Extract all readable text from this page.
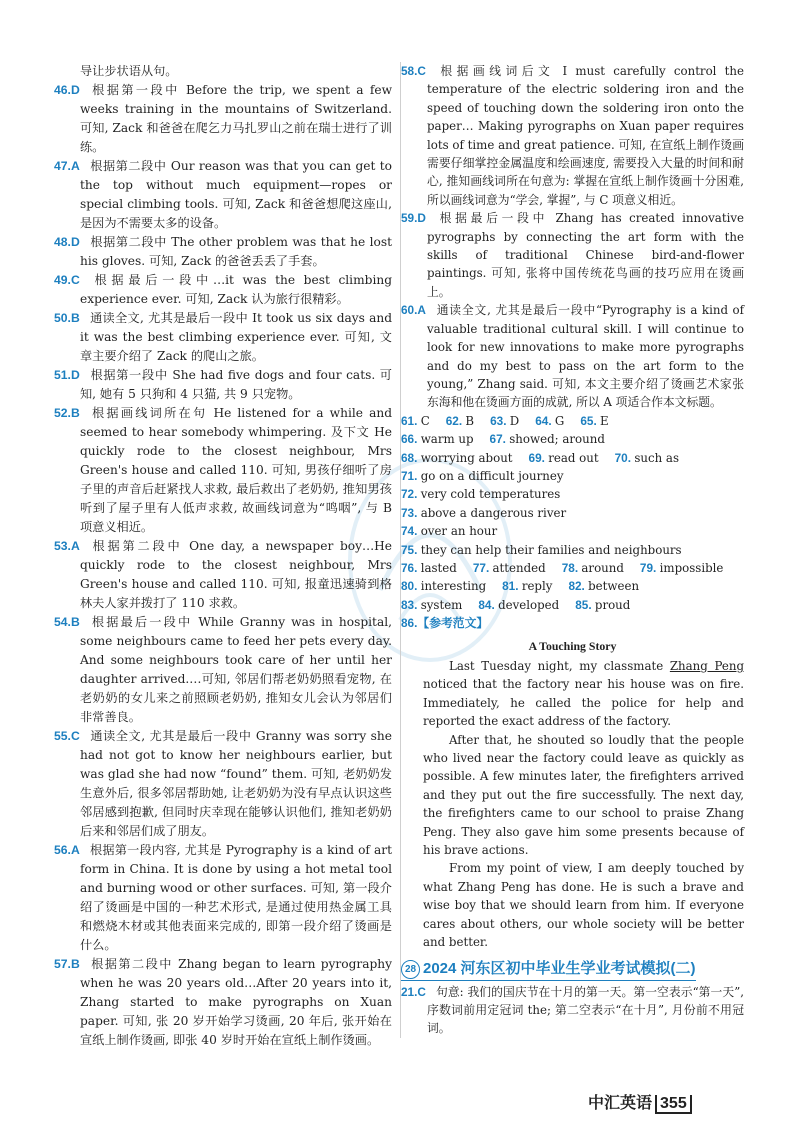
导让步状语从句。
46.D 根据第一段中 Before the trip, we spent a few weeks training in the mountains of Switzerland. 可知, Zack 和爸爸在爬乞力马扎罗山之前在瑞士进行了训练。
47.A 根据第二段中 Our reason was that you can get to the top without much equipment—ropes or special climbing tools. 可知, Zack 和爸爸想爬这座山, 是因为不需要太多的设备。
48.D 根据第二段中 The other problem was that he lost his gloves. 可知, Zack 的爸爸丢丢了手套。
49.C 根据最后一段中…it was the best climbing experience ever. 可知, Zack 认为旅行很精彩。
50.B 通读全文, 尤其是最后一段中 It took us six days and it was the best climbing experience ever. 可知, 文章主要介绍了 Zack 的爬山之旅。
51.D 根据第一段中 She had five dogs and four cats. 可知, 她有 5 只狗和 4 只猫, 共 9 只宠物。
52.B 根据画线词所在句 He listened for a while and seemed to hear somebody whimpering. 及下文 He quickly rode to the closest neighbour, Mrs Green's house and called 110. 可知, 男孩仔细听了房子里的声音后赶紧找人求救, 最后救出了老奶奶, 推知男孩听到了屋子里有人低声求救, 故画线词意为“鸣咽”, 与 B 项意义相近。
53.A 根据第二段中 One day, a newspaper boy…He quickly rode to the closest neighbour, Mrs Green's house and called 110. 可知, 报童迅速骑到格林夫人家并拨打了 110 求救。
54.B 根据最后一段中 While Granny was in hospital, some neighbours came to feed her pets every day. And some neighbours took care of her until her daughter arrived.…可知, 邻居们帮老奶奶照看宠物, 在老奶奶的女儿来之前照顾老奶奶, 推知女儿会认为邻居们非常善良。
55.C 通读全文, 尤其是最后一段中 Granny was sorry she had not got to know her neighbours earlier, but was glad she had now “found” them. 可知, 老奶奶发生意外后, 很多邻居帮助她, 让老奶奶为没有早点认识这些邻居感到抱歉, 但同时庆幸现在能够认识他们, 推知老奶奶后来和邻居们成了朋友。
56.A 根据第一段内容, 尤其是 Pyrography is a kind of art form in China. It is done by using a hot metal tool and burning wood or other surfaces. 可知, 第一段介绍了烫画是中国的一种艺术形式, 是通过使用热金属工具和燃烧木材或其他表面来完成的, 即第一段介绍了烫画是什么。
57.B 根据第二段中 Zhang began to learn pyrography when he was 20 years old…After 20 years into it, Zhang started to make pyrographs on Xuan paper. 可知, 张 20 岁开始学习烫画, 20 年后, 张开始在宣纸上制作烫画, 即张 40 岁时开始在宣纸上制作烫画。
58.C 根据画线词后文 I must carefully control the temperature of the electric soldering iron and the speed of touching down the soldering iron onto the paper… Making pyrographs on Xuan paper requires lots of time and great patience. 可知, 在宣纸上制作烫画需要仔细掌控金属温度和绘画速度, 需要投入大量的时间和耐心, 推知画线词所在句意为: 掌握在宣纸上制作烫画十分困难, 所以画线词意为“学会, 掌握”, 与 C 项意义相近。
59.D 根据最后一段中 Zhang has created innovative pyrographs by connecting the art form with the skills of traditional Chinese bird-and-flower paintings. 可知, 张将中国传统花鸟画的技巧应用在烫画上。
60.A 通读全文, 尤其是最后一段中“Pyrography is a kind of valuable traditional cultural skill. I will continue to look for new innovations to make more pyrographs and do my best to pass on the art form to the young,” Zhang said. 可知, 本文主要介绍了烫画艺术家张东海和他在烫画方面的成就, 所以 A 项适合作本文标题。
61. C 62. B 63. D 64. G 65. E
66. warm up 67. showed; around
68. worrying about 69. read out 70. such as
71. go on a difficult journey
72. very cold temperatures
73. above a dangerous river
74. over an hour
75. they can help their families and neighbours
76. lasted 77. attended 78. around 79. impossible
80. interesting 81. reply 82. between
83. system 84. developed 85. proud
86.【参考范文】
A Touching Story

Last Tuesday night, my classmate Zhang Peng noticed that the factory near his house was on fire. Immediately, he called the police for help and reported the exact address of the factory.

After that, he shouted so loudly that the people who lived near the factory could leave as quickly as possible. A few minutes later, the firefighters arrived and they put out the fire successfully. The next day, the firefighters came to our school to praise Zhang Peng. They also gave him some presents because of his brave actions.

From my point of view, I am deeply touched by what Zhang Peng has done. He is such a brave and wise boy that we should learn from him. If everyone cares about others, our whole society will be better and better.

28 2024 河东区初中毕业生学业考试模拟(二)
21.C 句意: 我们的国庆节在十月的第一天。第一空表示“第一天”, 序数词前用定冠词 the; 第二空表示“在十月”, 月份前不用冠词。
中汇英语 355
